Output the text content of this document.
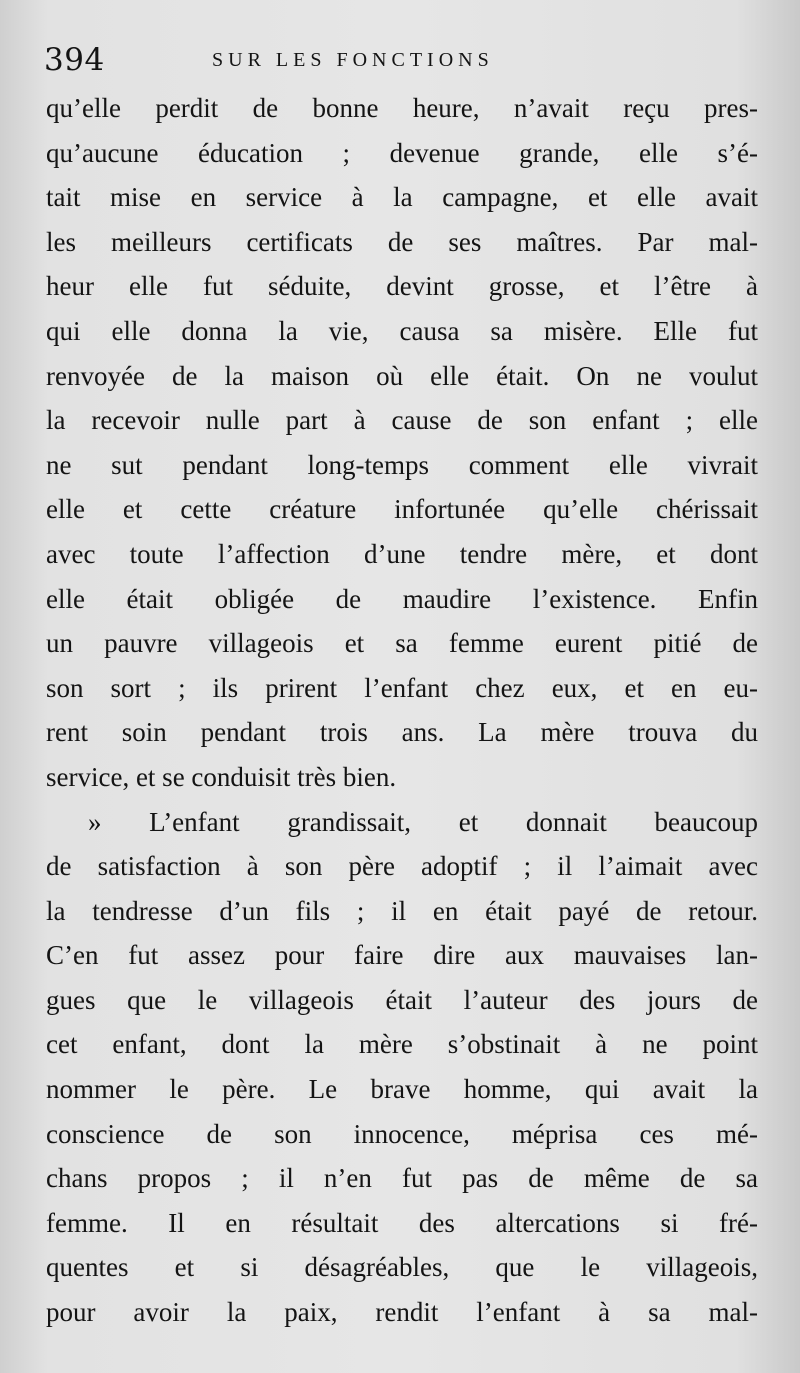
394	SUR LES FONCTIONS
qu’elle perdit de bonne heure, n’avait reçu pres-
qu’aucune éducation ; devenue grande, elle s’é-
tait mise en service à la campagne, et elle avait
les meilleurs certificats de ses maîtres. Par mal-
heur elle fut séduite, devint grosse, et l’être à
qui elle donna la vie, causa sa misère. Elle fut
renvoyée de la maison où elle était. On ne voulut
la recevoir nulle part à cause de son enfant ; elle
ne sut pendant long-temps comment elle vivrait
elle et cette créature infortunée qu’elle chérissait
avec toute l’affection d’une tendre mère, et dont
elle était obligée de maudire l’existence. Enfin
un pauvre villageois et sa femme eurent pitié de
son sort ; ils prirent l’enfant chez eux, et en eu-
rent soin pendant trois ans. La mère trouva du
service, et se conduisit très bien.
» L’enfant grandissait, et donnait beaucoup
de satisfaction à son père adoptif ; il l’aimait avec
la tendresse d’un fils ; il en était payé de retour.
C’en fut assez pour faire dire aux mauvaises lan-
gues que le villageois était l’auteur des jours de
cet enfant, dont la mère s’obstinait à ne point
nommer le père. Le brave homme, qui avait la
conscience de son innocence, méprisa ces mé-
chans propos ; il n’en fut pas de même de sa
femme. Il en résultait des altercations si fré-
quentes et si désagréables, que le villageois,
pour avoir la paix, rendit l’enfant à sa mal-
